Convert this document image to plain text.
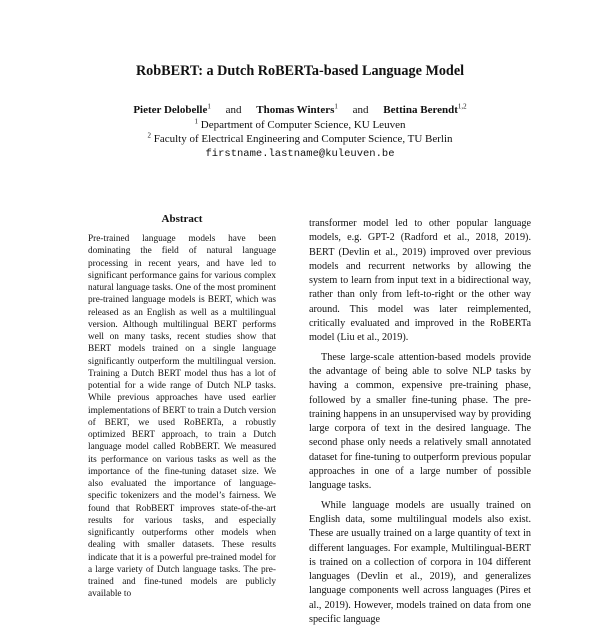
RobBERT: a Dutch RoBERTa-based Language Model
Pieter Delobelle$^1$ and Thomas Winters$^1$ and Bettina Berendt$^{1,2}$
$^1$ Department of Computer Science, KU Leuven
$^2$ Faculty of Electrical Engineering and Computer Science, TU Berlin
firstname.lastname@kuleuven.be
Abstract

Pre-trained language models have been dominating the field of natural language processing in recent years, and have led to significant performance gains for various complex natural language tasks. One of the most prominent pre-trained language models is BERT, which was released as an English as well as a multilingual version. Although multilingual BERT performs well on many tasks, recent studies show that BERT models trained on a single language significantly outperform the multilingual version. Training a Dutch BERT model thus has a lot of potential for a wide range of Dutch NLP tasks. While previous approaches have used earlier implementations of BERT to train a Dutch version of BERT, we used RoBERTa, a robustly optimized BERT approach, to train a Dutch language model called RobBERT. We measured its performance on various tasks as well as the importance of the fine-tuning dataset size. We also evaluated the importance of language-specific tokenizers and the model’s fairness. We found that RobBERT improves state-of-the-art results for various tasks, and especially significantly outperforms other models when dealing with smaller datasets. These results indicate that it is a powerful pre-trained model for a large variety of Dutch language tasks. The pre-trained and fine-tuned models are publicly available to

transformer model led to other popular language models, e.g. GPT-2 (Radford et al., 2018, 2019). BERT (Devlin et al., 2019) improved over previous models and recurrent networks by allowing the system to learn from input text in a bidirectional way, rather than only from left-to-right or the other way around. This model was later reimplemented, critically evaluated and improved in the RoBERTa model (Liu et al., 2019).

These large-scale attention-based models provide the advantage of being able to solve NLP tasks by having a common, expensive pre-training phase, followed by a smaller fine-tuning phase. The pre-training happens in an unsupervised way by providing large corpora of text in the desired language. The second phase only needs a relatively small annotated dataset for fine-tuning to outperform previous popular approaches in one of a large number of possible language tasks.

While language models are usually trained on English data, some multilingual models also exist. These are usually trained on a large quantity of text in different languages. For example, Multilingual-BERT is trained on a collection of corpora in 104 different languages (Devlin et al., 2019), and generalizes language components well across languages (Pires et al., 2019). However, models trained on data from one specific language
